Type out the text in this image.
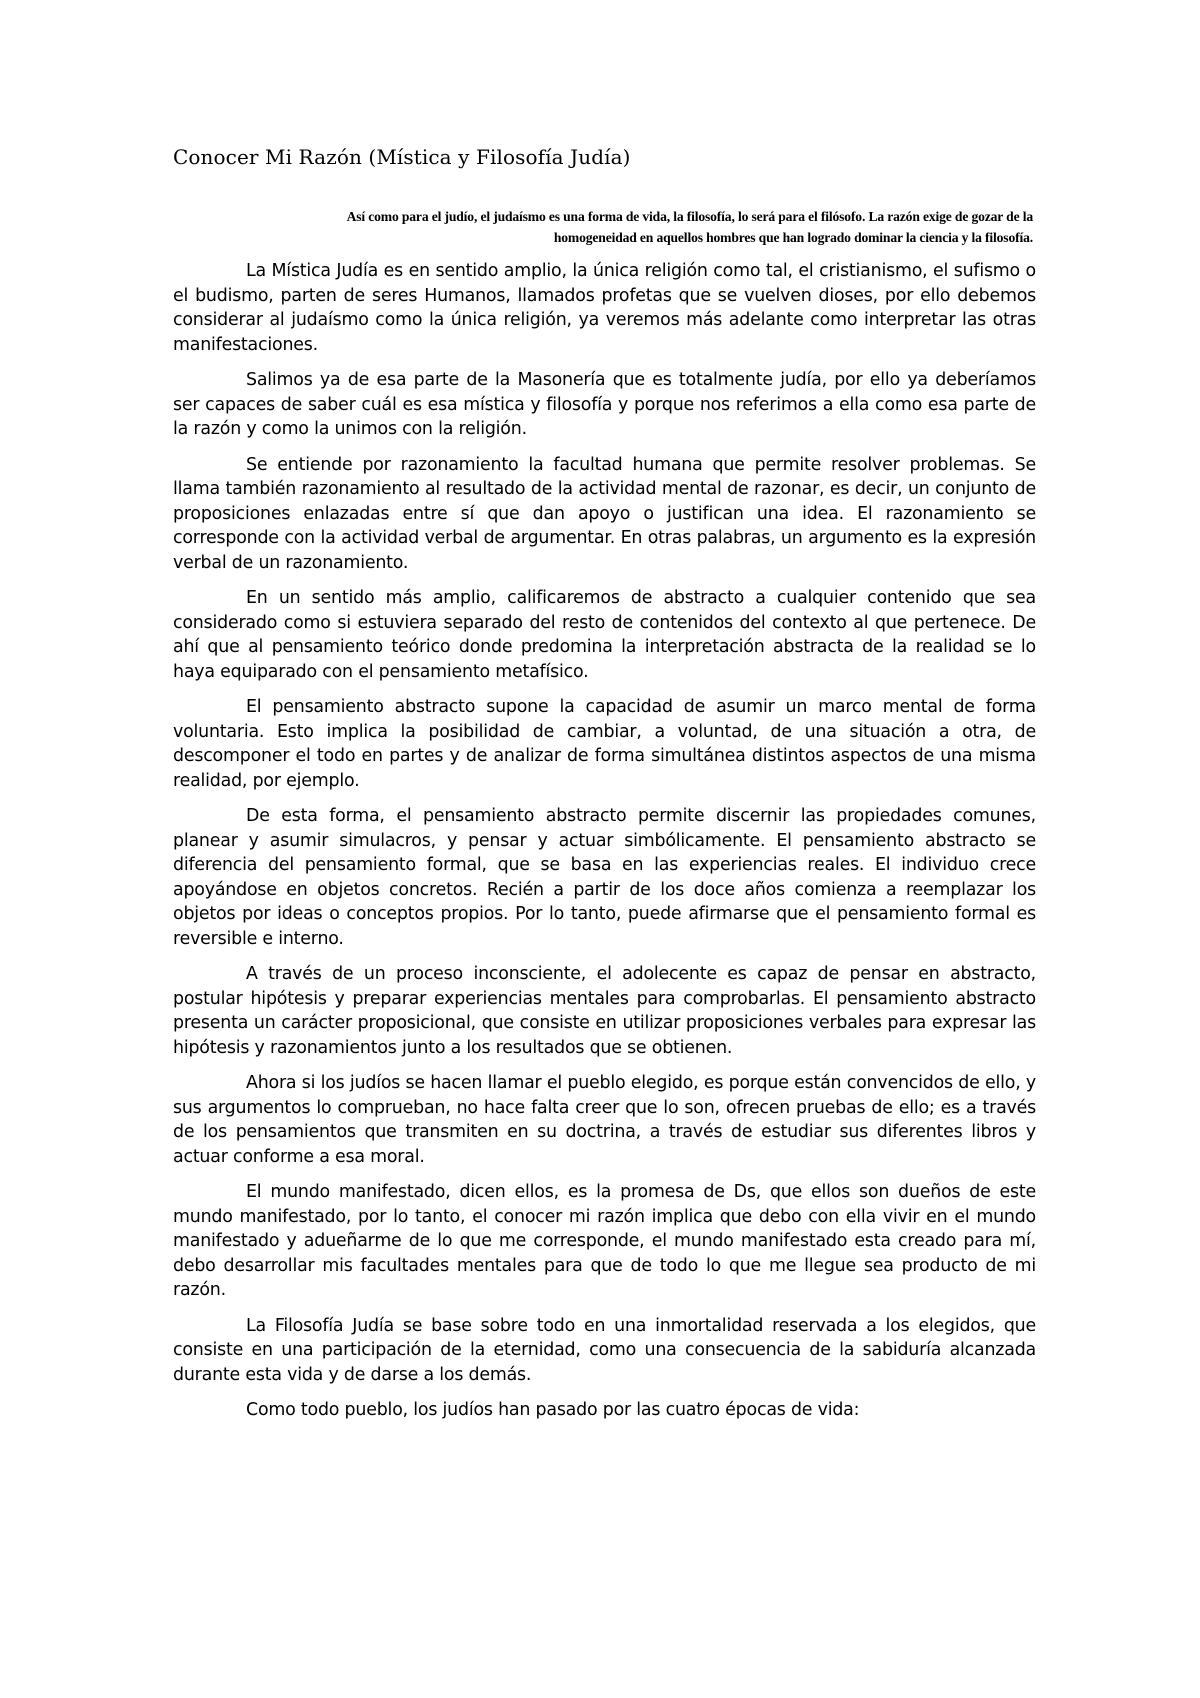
Conocer Mi Razón (Mística y Filosofía Judía)

Así como para el judío, el judaísmo es una forma de vida, la filosofía, lo será para el filósofo. La razón exige de gozar de la homogeneidad en aquellos hombres que han logrado dominar la ciencia y la filosofía.

La Mística Judía es en sentido amplio, la única religión como tal, el cristianismo, el sufismo o el budismo, parten de seres Humanos, llamados profetas que se vuelven dioses, por ello debemos considerar al judaísmo como la única religión, ya veremos más adelante como interpretar las otras manifestaciones.

Salimos ya de esa parte de la Masonería que es totalmente judía, por ello ya deberíamos ser capaces de saber cuál es esa mística y filosofía y porque nos referimos a ella como esa parte de la razón y como la unimos con la religión.

Se entiende por razonamiento la facultad humana que permite resolver problemas. Se llama también razonamiento al resultado de la actividad mental de razonar, es decir, un conjunto de proposiciones enlazadas entre sí que dan apoyo o justifican una idea. El razonamiento se corresponde con la actividad verbal de argumentar. En otras palabras, un argumento es la expresión verbal de un razonamiento.

En un sentido más amplio, calificaremos de abstracto a cualquier contenido que sea considerado como si estuviera separado del resto de contenidos del contexto al que pertenece. De ahí que al pensamiento teórico donde predomina la interpretación abstracta de la realidad se lo haya equiparado con el pensamiento metafísico.

El pensamiento abstracto supone la capacidad de asumir un marco mental de forma voluntaria. Esto implica la posibilidad de cambiar, a voluntad, de una situación a otra, de descomponer el todo en partes y de analizar de forma simultánea distintos aspectos de una misma realidad, por ejemplo.

De esta forma, el pensamiento abstracto permite discernir las propiedades comunes, planear y asumir simulacros, y pensar y actuar simbólicamente. El pensamiento abstracto se diferencia del pensamiento formal, que se basa en las experiencias reales. El individuo crece apoyándose en objetos concretos. Recién a partir de los doce años comienza a reemplazar los objetos por ideas o conceptos propios. Por lo tanto, puede afirmarse que el pensamiento formal es reversible e interno.

A través de un proceso inconsciente, el adolecente es capaz de pensar en abstracto, postular hipótesis y preparar experiencias mentales para comprobarlas. El pensamiento abstracto presenta un carácter proposicional, que consiste en utilizar proposiciones verbales para expresar las hipótesis y razonamientos junto a los resultados que se obtienen.

Ahora si los judíos se hacen llamar el pueblo elegido, es porque están convencidos de ello, y sus argumentos lo comprueban, no hace falta creer que lo son, ofrecen pruebas de ello; es a través de los pensamientos que transmiten en su doctrina, a través de estudiar sus diferentes libros y actuar conforme a esa moral.

El mundo manifestado, dicen ellos, es la promesa de Ds, que ellos son dueños de este mundo manifestado, por lo tanto, el conocer mi razón implica que debo con ella vivir en el mundo manifestado y adueñarme de lo que me corresponde, el mundo manifestado esta creado para mí, debo desarrollar mis facultades mentales para que de todo lo que me llegue sea producto de mi razón.

La Filosofía Judía se base sobre todo en una inmortalidad reservada a los elegidos, que consiste en una participación de la eternidad, como una consecuencia de la sabiduría alcanzada durante esta vida y de darse a los demás.

Como todo pueblo, los judíos han pasado por las cuatro épocas de vida:
